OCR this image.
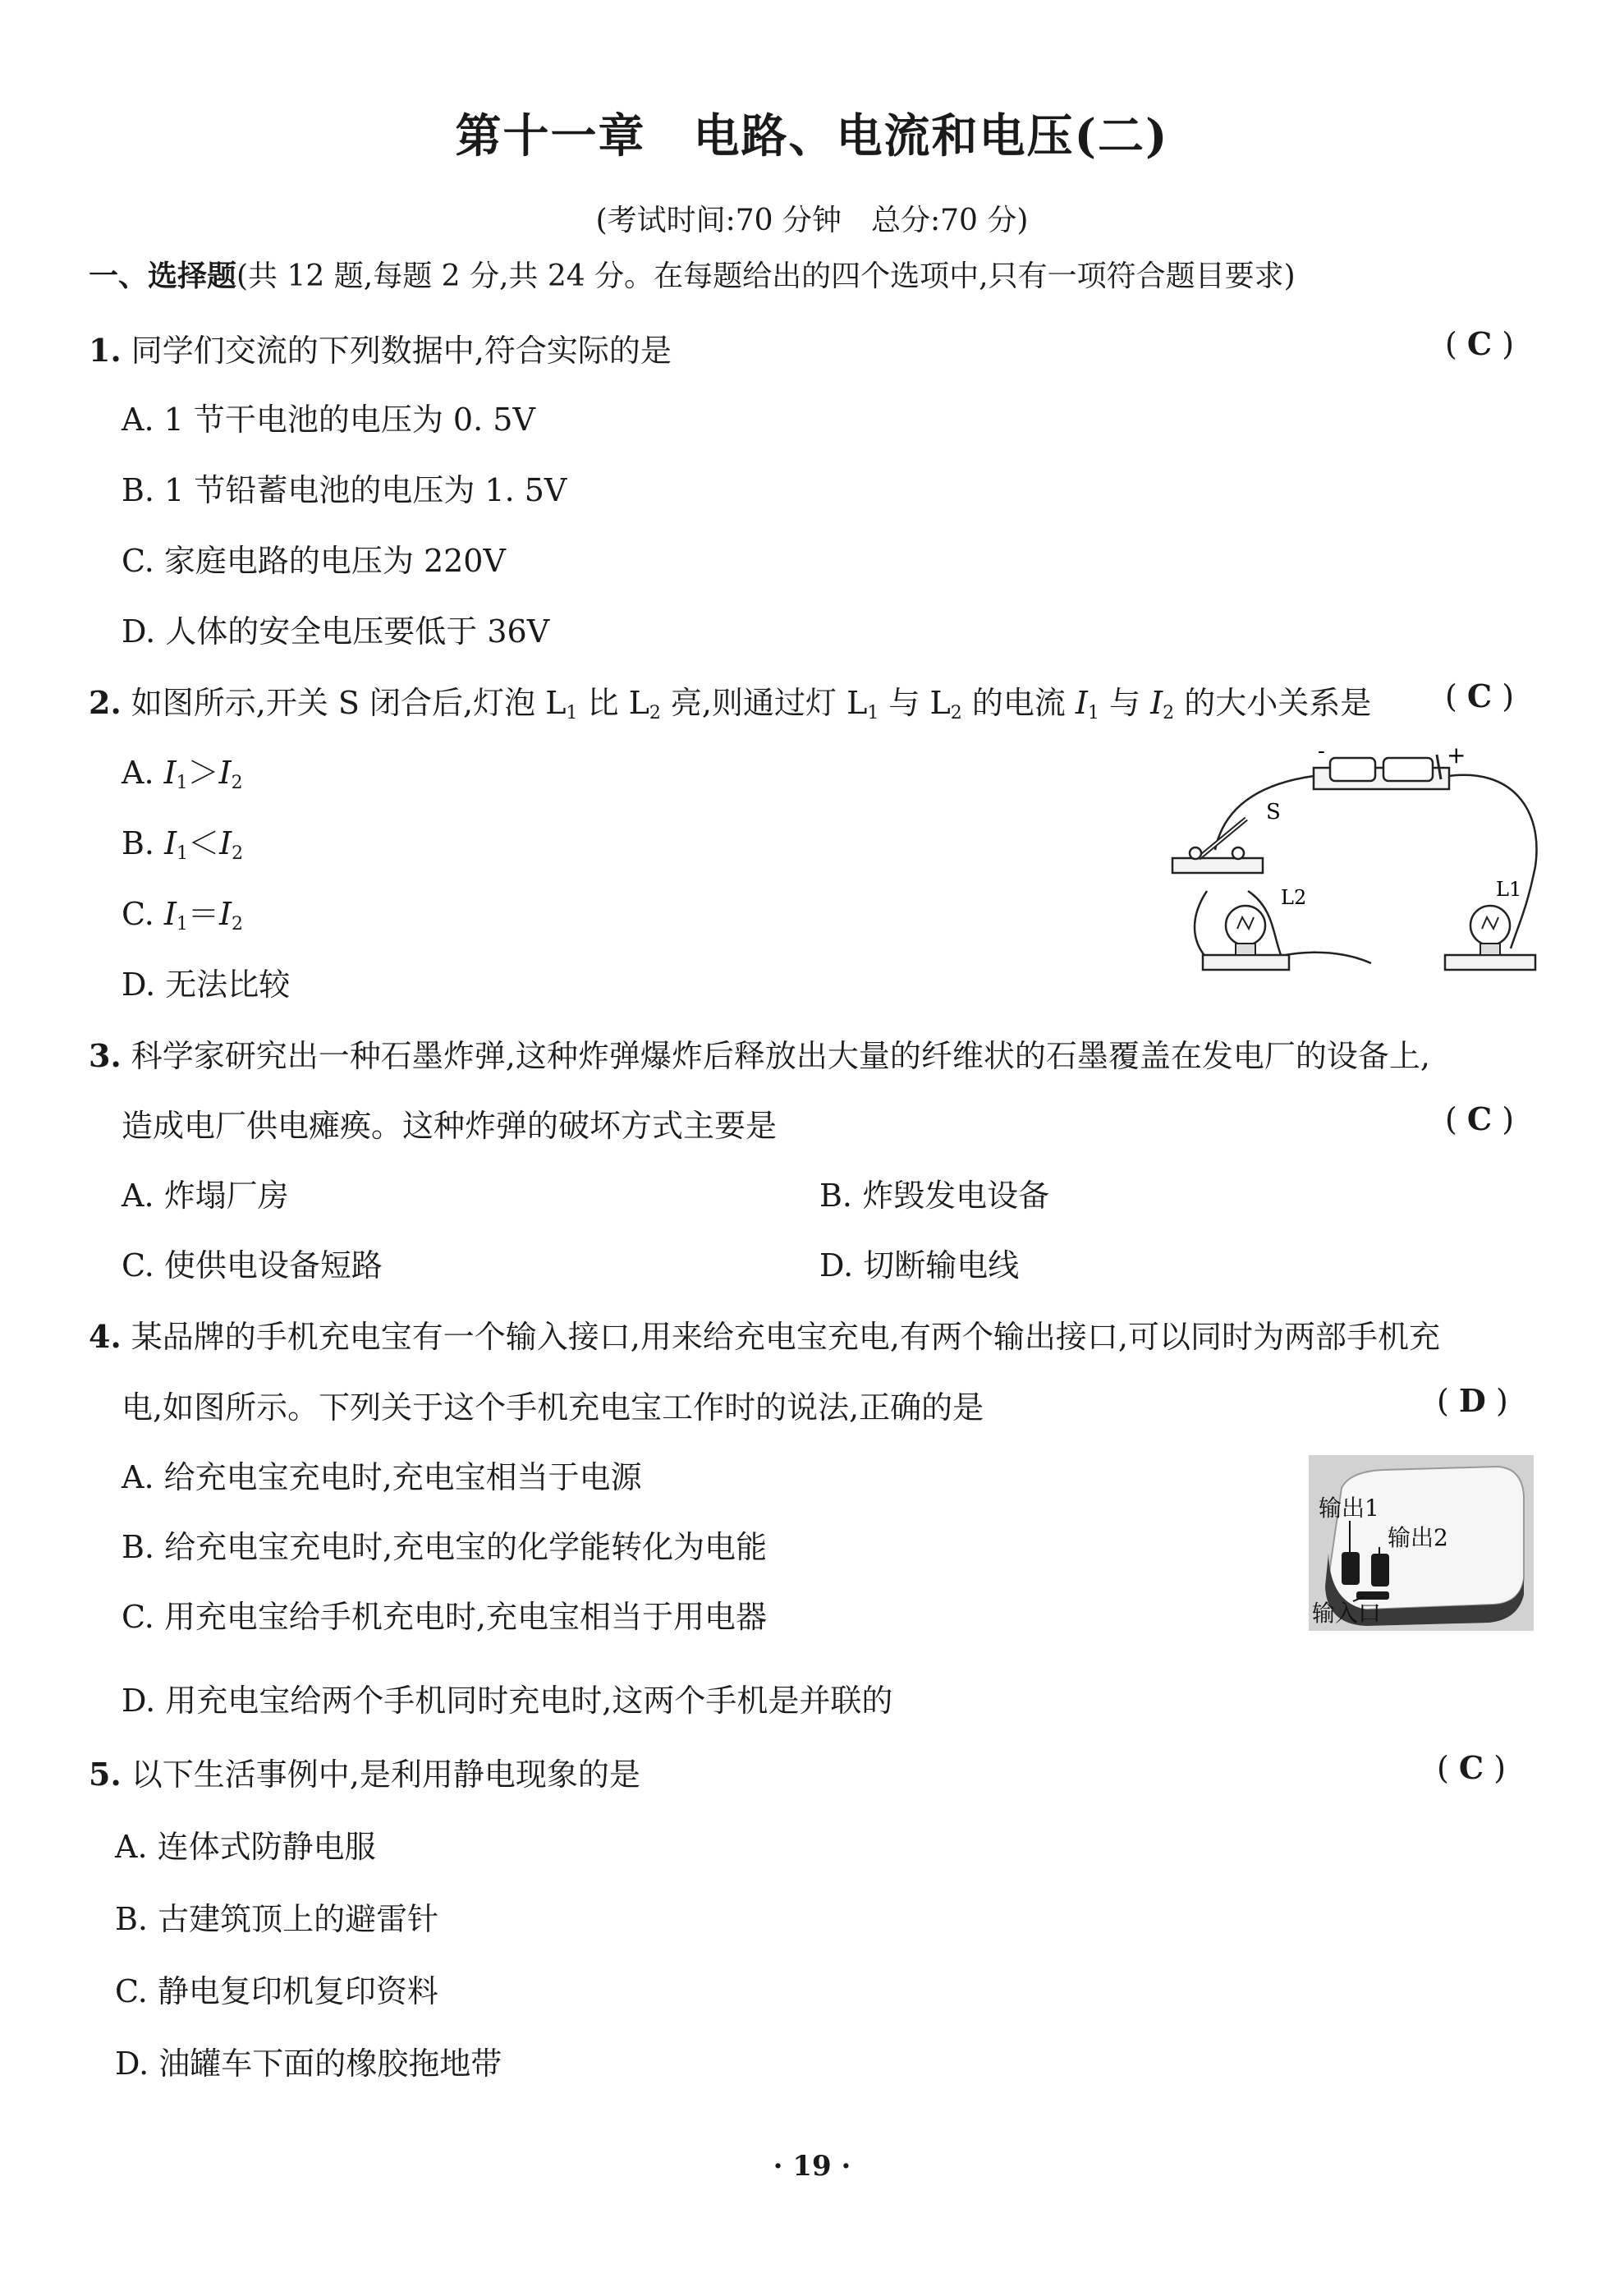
第十一章　电路、电流和电压(二)
(考试时间:70 分钟　总分:70 分)
一、选择题(共 12 题,每题 2 分,共 24 分。在每题给出的四个选项中,只有一项符合题目要求)
1. 同学们交流的下列数据中,符合实际的是	( C )
A. 1 节干电池的电压为 0. 5V
B. 1 节铅蓄电池的电压为 1. 5V
C. 家庭电路的电压为 220V
D. 人体的安全电压要低于 36V
2. 如图所示,开关 S 闭合后,灯泡 $L_1$ 比 $L_2$ 亮,则通过灯 $L_1$ 与 $L_2$ 的电流 $I_1$ 与 $I_2$ 的大小关系是 ( C )
A. $I_1>I_2$
B. $I_1<I_2$
C. $I_1=I_2$
D. 无法比较
-	+
S
L2	L1
3. 科学家研究出一种石墨炸弹,这种炸弹爆炸后释放出大量的纤维状的石墨覆盖在发电厂的设备上,
造成电厂供电瘫痪。这种炸弹的破坏方式主要是	( C )
A. 炸塌厂房	B. 炸毁发电设备
C. 使供电设备短路	D. 切断输电线
4. 某品牌的手机充电宝有一个输入接口,用来给充电宝充电,有两个输出接口,可以同时为两部手机充
电,如图所示。下列关于这个手机充电宝工作时的说法,正确的是	( D )
A. 给充电宝充电时,充电宝相当于电源
B. 给充电宝充电时,充电宝的化学能转化为电能
C. 用充电宝给手机充电时,充电宝相当于用电器
D. 用充电宝给两个手机同时充电时,这两个手机是并联的
输出1
输出2
输入口
5. 以下生活事例中,是利用静电现象的是	( C )
A. 连体式防静电服
B. 古建筑顶上的避雷针
C. 静电复印机复印资料
D. 油罐车下面的橡胶拖地带
· 19 ·
